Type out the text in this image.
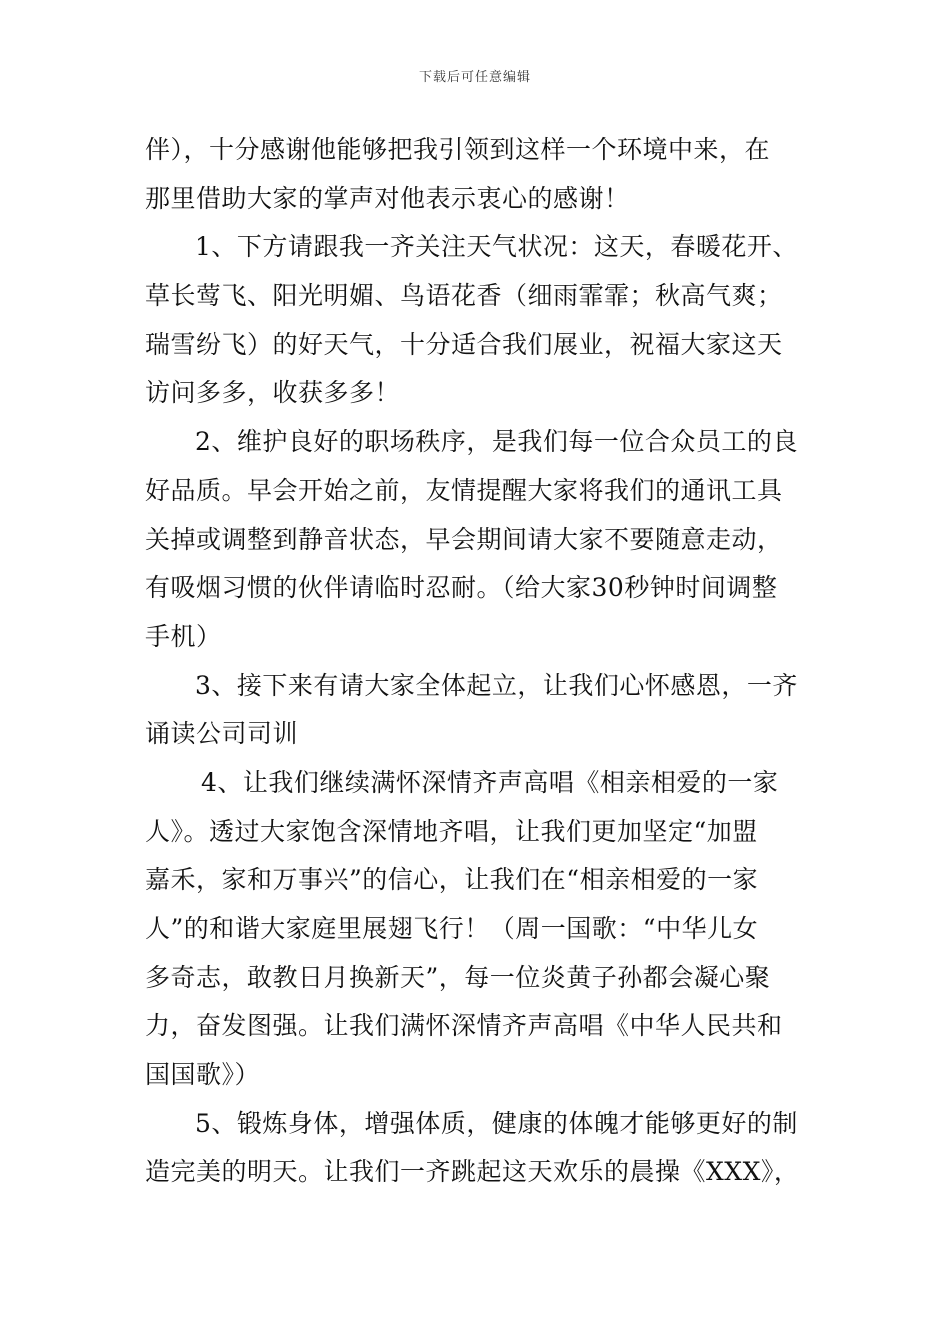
下载后可任意编辑
伴），十分感谢他能够把我引领到这样一个环境中来，在
那里借助大家的掌声对他表示衷心的感谢！
1、下方请跟我一齐关注天气状况：这天，春暖花开、
草长莺飞、阳光明媚、鸟语花香（细雨霏霏；秋高气爽；
瑞雪纷飞）的好天气，十分适合我们展业，祝福大家这天
访问多多，收获多多！
2、维护良好的职场秩序，是我们每一位合众员工的良
好品质。早会开始之前，友情提醒大家将我们的通讯工具
关掉或调整到静音状态，早会期间请大家不要随意走动，
有吸烟习惯的伙伴请临时忍耐。（给大家30秒钟时间调整
手机）
3、接下来有请大家全体起立，让我们心怀感恩，一齐
诵读公司司训
4、让我们继续满怀深情齐声高唱《相亲相爱的一家
人》。透过大家饱含深情地齐唱，让我们更加坚定“加盟
嘉禾，家和万事兴”的信心，让我们在“相亲相爱的一家
人”的和谐大家庭里展翅飞行！（周一国歌：“中华儿女
多奇志，敢教日月换新天”，每一位炎黄子孙都会凝心聚
力，奋发图强。让我们满怀深情齐声高唱《中华人民共和
国国歌》）
5、锻炼身体，增强体质，健康的体魄才能够更好的制
造完美的明天。让我们一齐跳起这天欢乐的晨操《XXX》，
